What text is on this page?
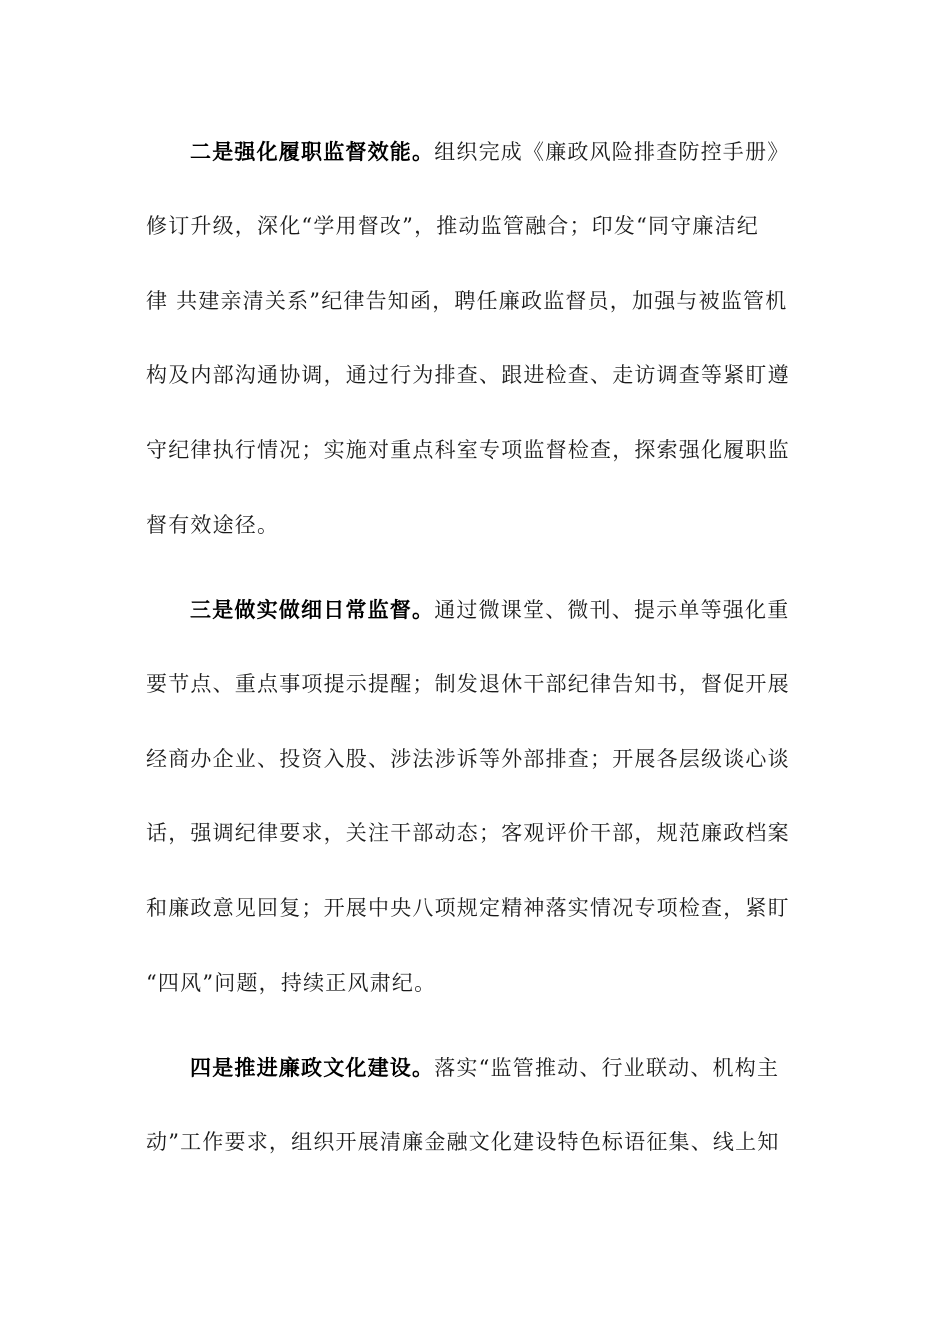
二是强化履职监督效能。组织完成《廉政风险排查防控手册》
修订升级，深化“学用督改”，推动监管融合；印发“同守廉洁纪
律 共建亲清关系”纪律告知函，聘任廉政监督员，加强与被监管机
构及内部沟通协调，通过行为排查、跟进检查、走访调查等紧盯遵
守纪律执行情况；实施对重点科室专项监督检查，探索强化履职监
督有效途径。
三是做实做细日常监督。通过微课堂、微刊、提示单等强化重
要节点、重点事项提示提醒；制发退休干部纪律告知书，督促开展
经商办企业、投资入股、涉法涉诉等外部排查；开展各层级谈心谈
话，强调纪律要求，关注干部动态；客观评价干部，规范廉政档案
和廉政意见回复；开展中央八项规定精神落实情况专项检查，紧盯
“四风”问题，持续正风肃纪。
四是推进廉政文化建设。落实“监管推动、行业联动、机构主
动”工作要求，组织开展清廉金融文化建设特色标语征集、线上知
